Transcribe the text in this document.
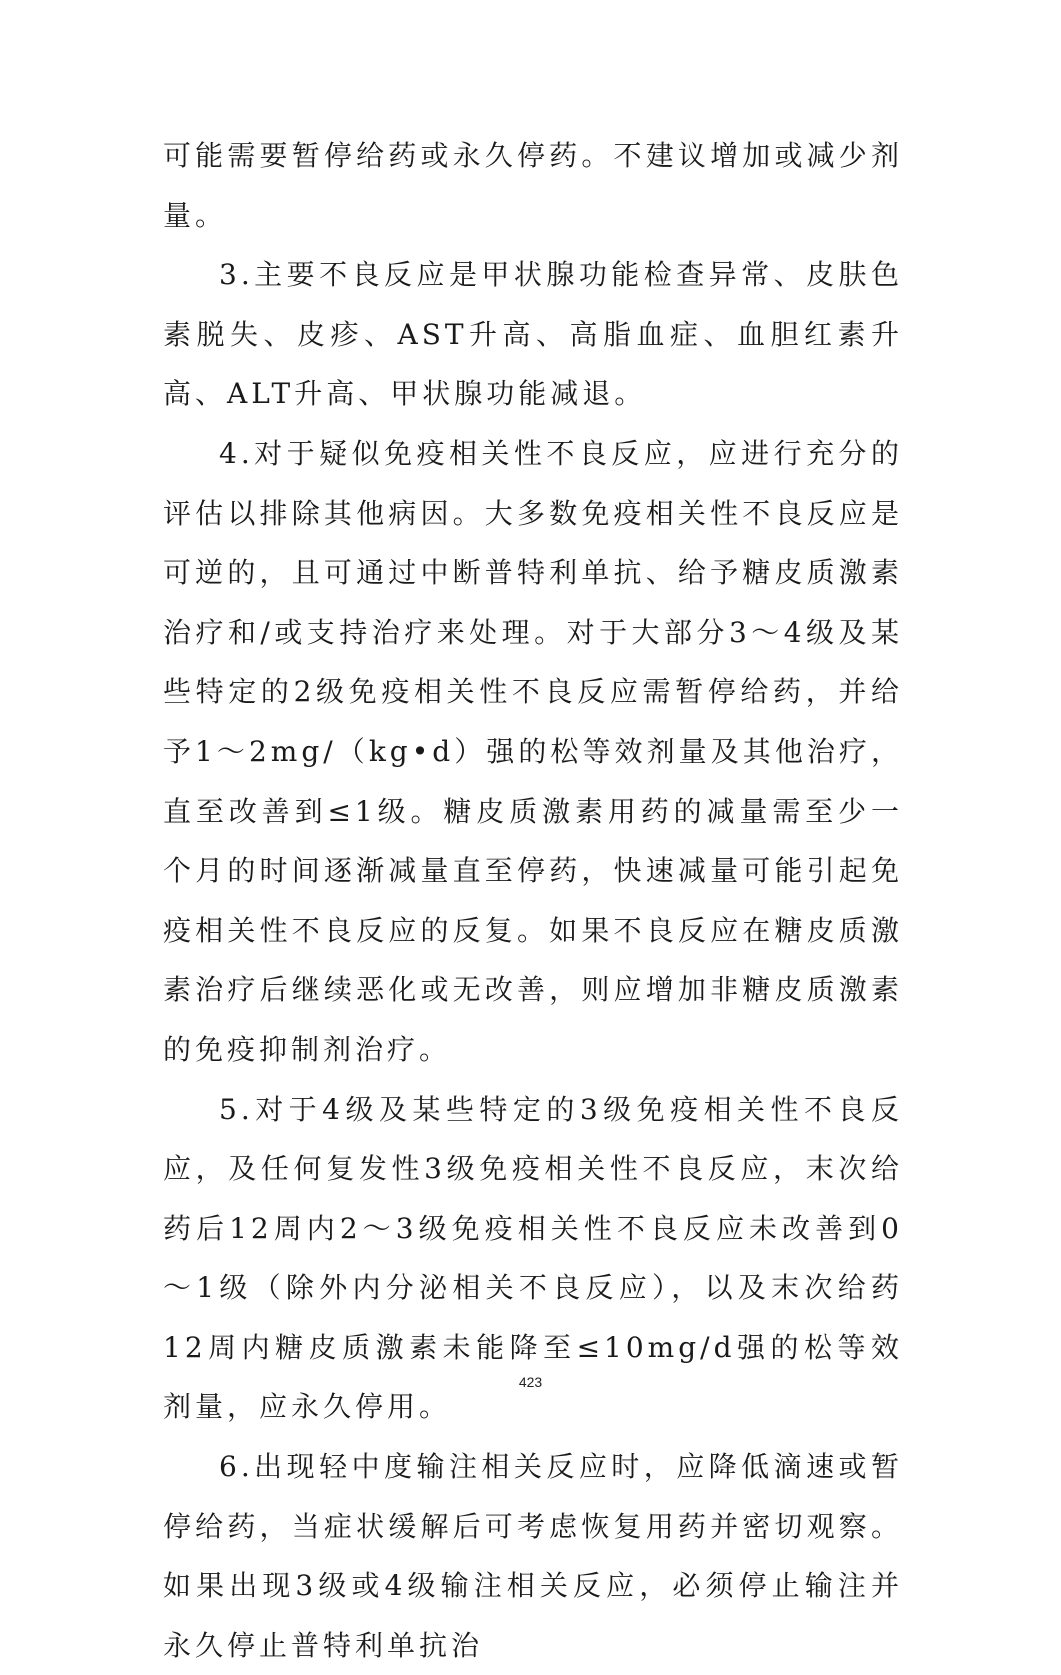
可能需要暂停给药或永久停药。不建议增加或减少剂量。

3.主要不良反应是甲状腺功能检查异常、皮肤色素脱失、皮疹、AST升高、高脂血症、血胆红素升高、ALT升高、甲状腺功能减退。

4.对于疑似免疫相关性不良反应，应进行充分的评估以排除其他病因。大多数免疫相关性不良反应是可逆的，且可通过中断普特利单抗、给予糖皮质激素治疗和/或支持治疗来处理。对于大部分3～4级及某些特定的2级免疫相关性不良反应需暂停给药，并给予1～2mg/（kg•d）强的松等效剂量及其他治疗，直至改善到≤1级。糖皮质激素用药的减量需至少一个月的时间逐渐减量直至停药，快速减量可能引起免疫相关性不良反应的反复。如果不良反应在糖皮质激素治疗后继续恶化或无改善，则应增加非糖皮质激素的免疫抑制剂治疗。

5.对于4级及某些特定的3级免疫相关性不良反应，及任何复发性3级免疫相关性不良反应，末次给药后12周内2～3级免疫相关性不良反应未改善到0～1级（除外内分泌相关不良反应），以及末次给药12周内糖皮质激素未能降至≤10mg/d强的松等效剂量，应永久停用。

6.出现轻中度输注相关反应时，应降低滴速或暂停给药，当症状缓解后可考虑恢复用药并密切观察。如果出现3级或4级输注相关反应，必须停止输注并永久停止普特利单抗治

423
